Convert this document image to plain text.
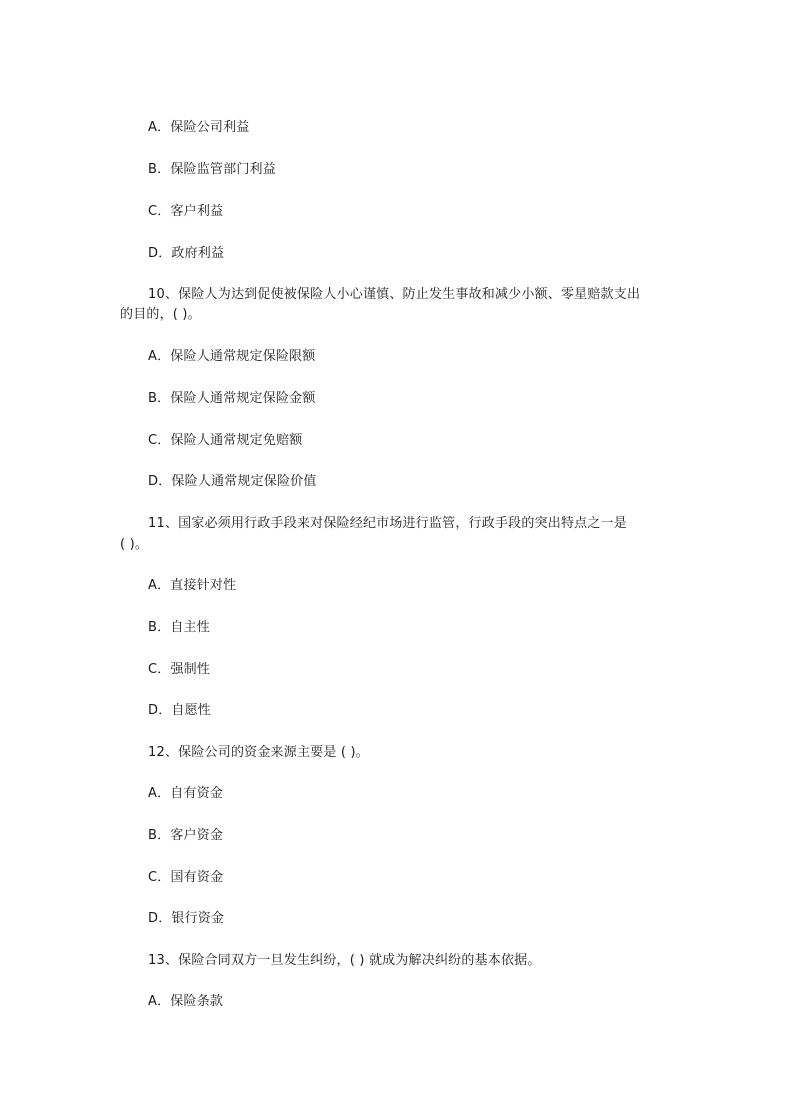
A．保险公司利益
B．保险监管部门利益
C．客户利益
D．政府利益
10、保险人为达到促使被保险人小心谨慎、防止发生事故和减少小额、零星赔款支出
的目的，( )。
A．保险人通常规定保险限额
B．保险人通常规定保险金额
C．保险人通常规定免赔额
D．保险人通常规定保险价值
11、国家必须用行政手段来对保险经纪市场进行监管，行政手段的突出特点之一是
( )。
A．直接针对性
B．自主性
C．强制性
D．自愿性
12、保险公司的资金来源主要是 ( )。
A．自有资金
B．客户资金
C．国有资金
D．银行资金
13、保险合同双方一旦发生纠纷，( ) 就成为解决纠纷的基本依据。
A．保险条款
